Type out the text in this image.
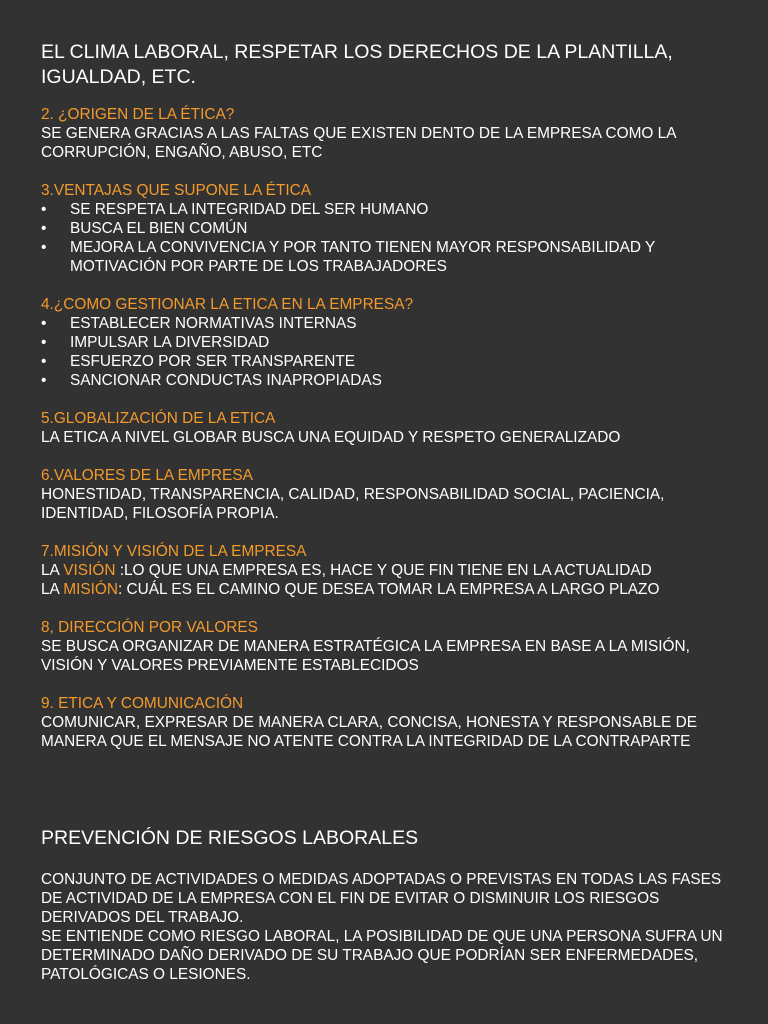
EL CLIMA LABORAL, RESPETAR LOS DERECHOS DE LA PLANTILLA, IGUALDAD, ETC.
2. ¿ORIGEN DE LA ÉTICA?

SE GENERA GRACIAS A LAS FALTAS QUE EXISTEN DENTO DE LA EMPRESA COMO LA CORRUPCIÓN, ENGAÑO, ABUSO, ETC

3.VENTAJAS QUE SUPONE LA ÉTICA
• SE RESPETA LA INTEGRIDAD DEL SER HUMANO
• BUSCA EL BIEN COMÚN
• MEJORA LA CONVIVENCIA Y POR TANTO TIENEN MAYOR RESPONSABILIDAD Y MOTIVACIÓN POR PARTE DE LOS TRABAJADORES
4.¿COMO GESTIONAR LA ETICA EN LA EMPRESA?
• ESTABLECER NORMATIVAS INTERNAS
• IMPULSAR LA DIVERSIDAD
• ESFUERZO POR SER TRANSPARENTE
• SANCIONAR CONDUCTAS INAPROPIADAS
5.GLOBALIZACIÓN DE LA ETICA

LA ETICA A NIVEL GLOBAR BUSCA UNA EQUIDAD Y RESPETO GENERALIZADO

6.VALORES DE LA EMPRESA

HONESTIDAD, TRANSPARENCIA, CALIDAD, RESPONSABILIDAD SOCIAL, PACIENCIA, IDENTIDAD, FILOSOFÍA PROPIA.

7.MISIÓN Y VISIÓN DE LA EMPRESA

LA VISIÓN :LO QUE UNA EMPRESA ES, HACE Y QUE FIN TIENE EN LA ACTUALIDAD

LA MISIÓN: CUÁL ES EL CAMINO QUE DESEA TOMAR LA EMPRESA A LARGO PLAZO

8, DIRECCIÓN POR VALORES

SE BUSCA ORGANIZAR DE MANERA ESTRATÉGICA LA EMPRESA EN BASE A LA MISIÓN, VISIÓN Y VALORES PREVIAMENTE ESTABLECIDOS

9. ETICA Y COMUNICACIÓN

COMUNICAR, EXPRESAR DE MANERA CLARA, CONCISA, HONESTA Y RESPONSABLE DE MANERA QUE EL MENSAJE NO ATENTE CONTRA LA INTEGRIDAD DE LA CONTRAPARTE

PREVENCIÓN DE RIESGOS LABORALES

CONJUNTO DE ACTIVIDADES O MEDIDAS ADOPTADAS O PREVISTAS EN TODAS LAS FASES DE ACTIVIDAD DE LA EMPRESA CON EL FIN DE EVITAR O DISMINUIR LOS RIESGOS DERIVADOS DEL TRABAJO.

SE ENTIENDE COMO RIESGO LABORAL, LA POSIBILIDAD DE QUE UNA PERSONA SUFRA UN DETERMINADO DAÑO DERIVADO DE SU TRABAJO QUE PODRÍAN SER ENFERMEDADES, PATOLÓGICAS O LESIONES.
